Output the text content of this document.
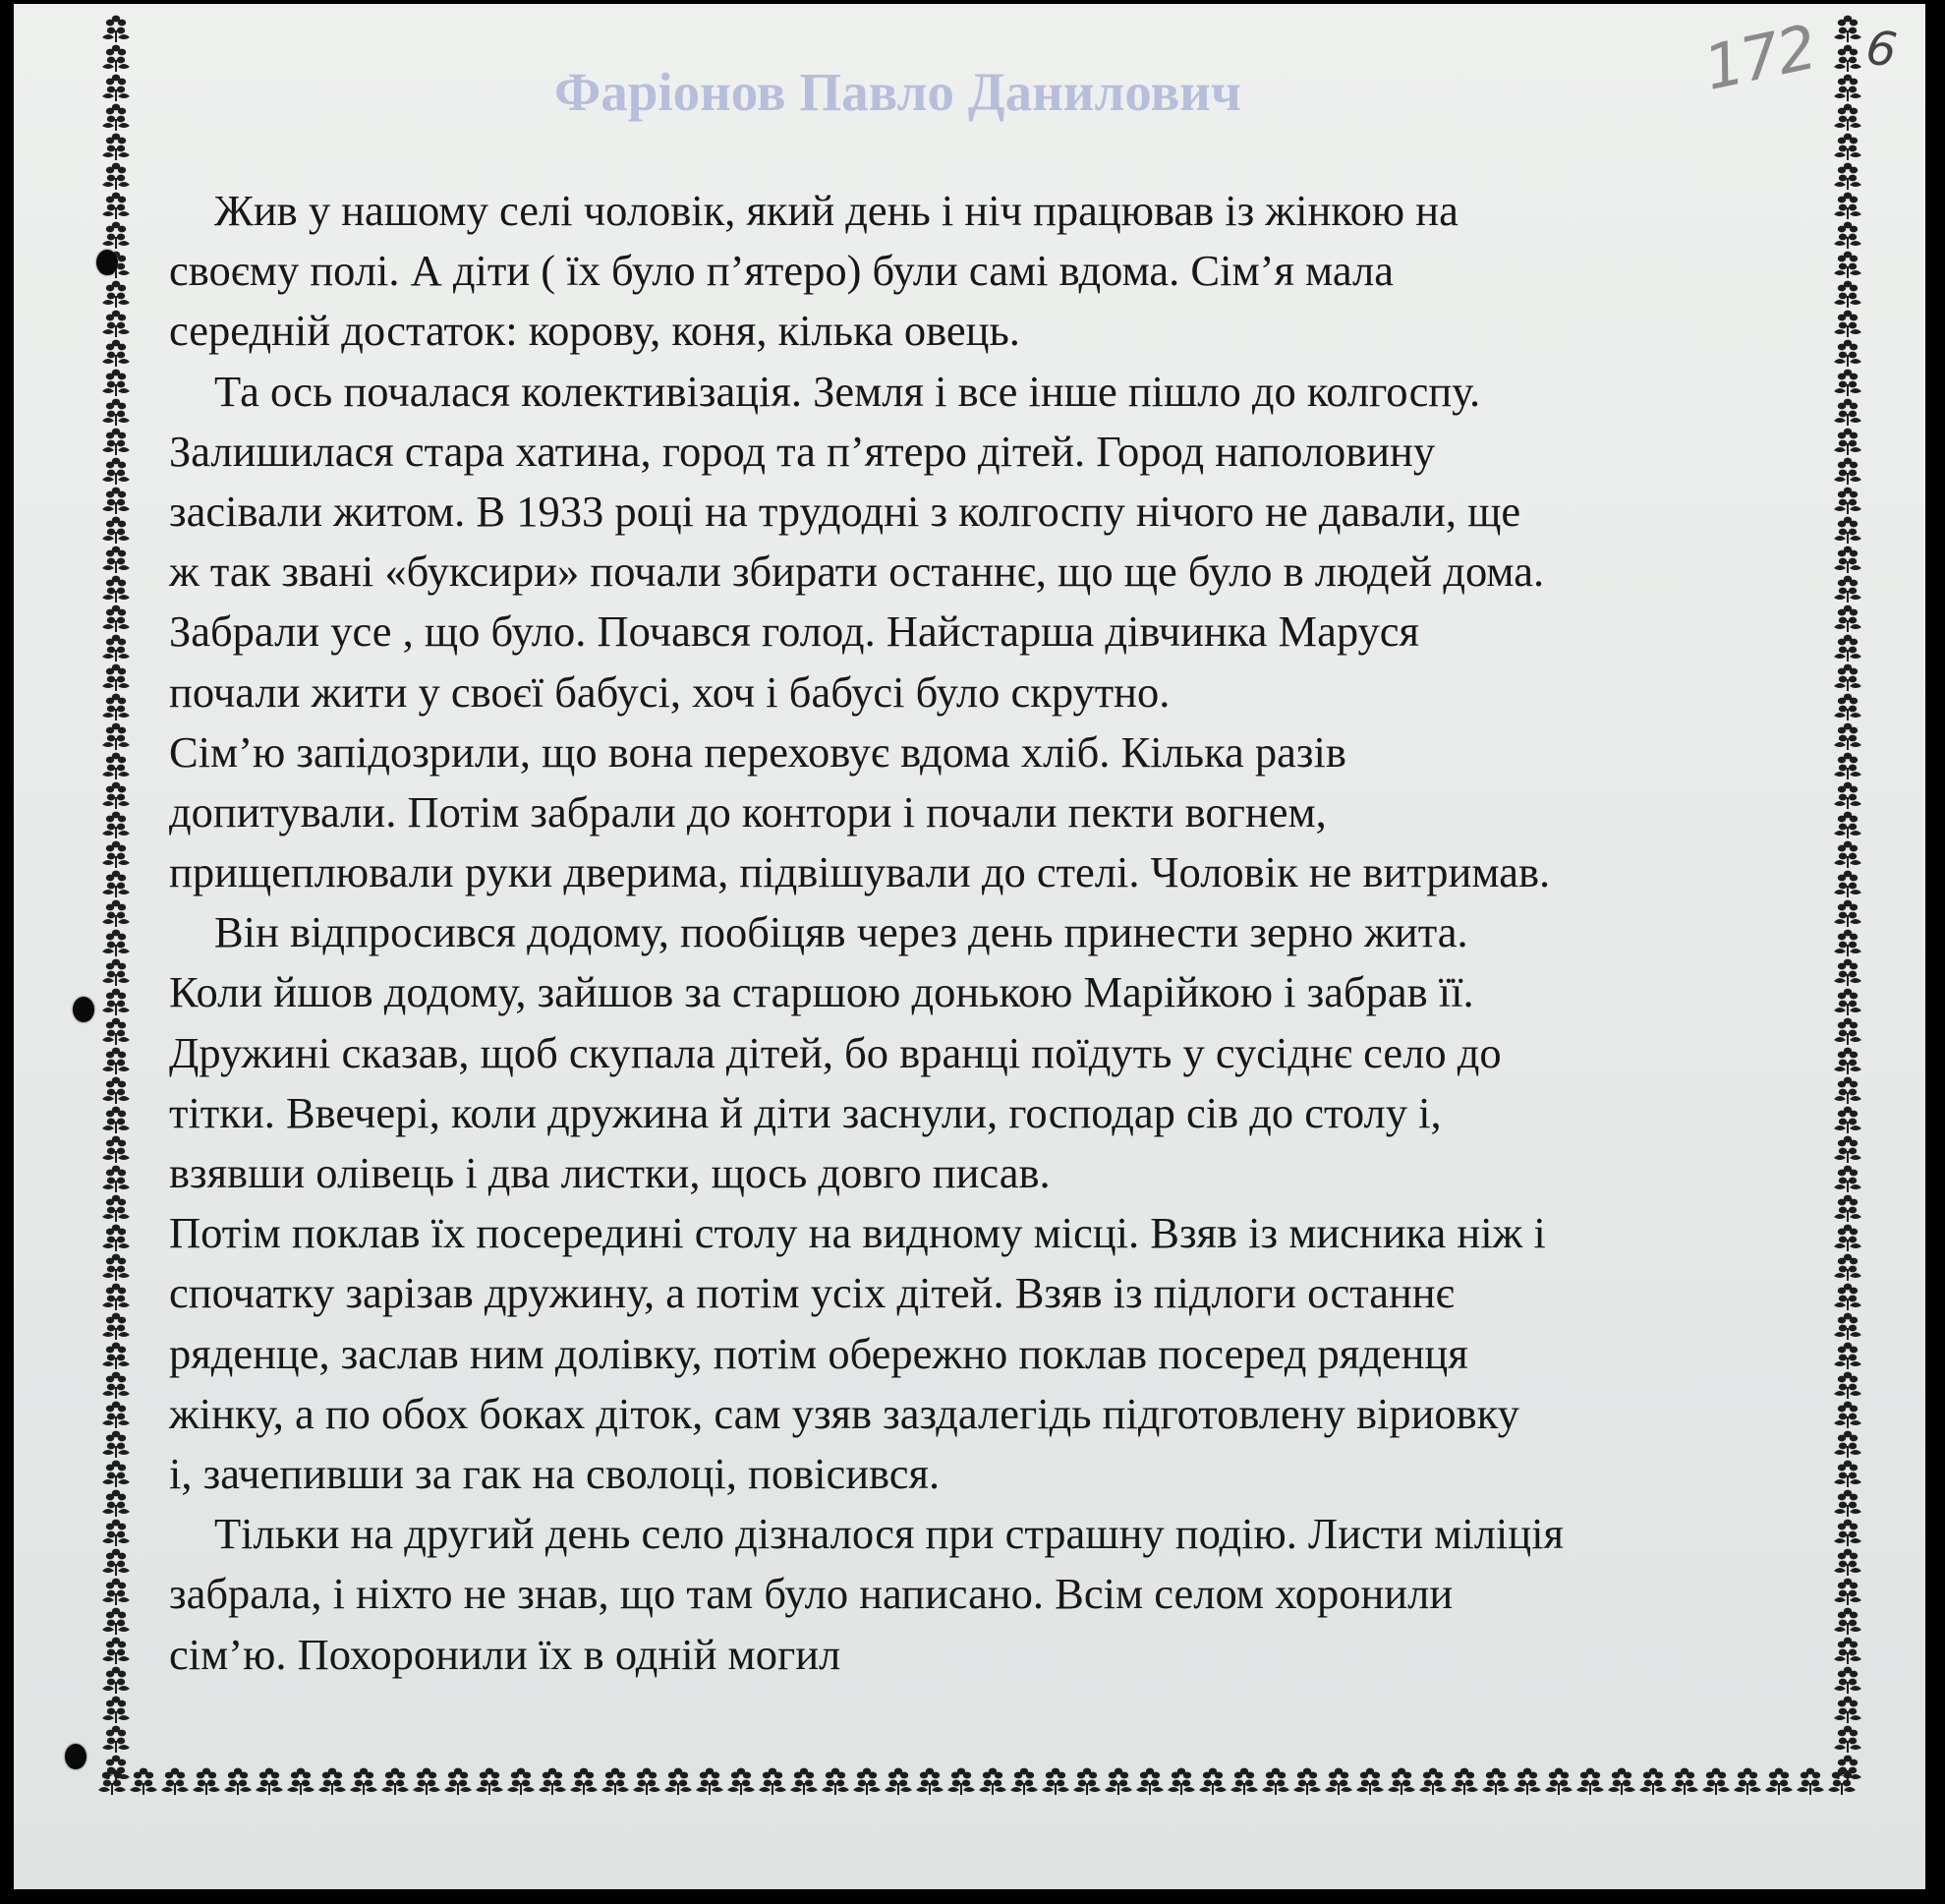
172 6
Фаріонов Павло Данилович
Жив у нашому селі чоловік, який день і ніч працював із жінкою на
своєму полі. А діти ( їх було п’ятеро) були самі вдома. Сім’я мала
середній достаток: корову, коня, кілька овець.
Та ось почалася колективізація. Земля і все інше пішло до колгоспу.
Залишилася стара хатина, город та п’ятеро дітей. Город наполовину
засівали житом. В 1933 році на трудодні з колгоспу нічого не давали, ще
ж так звані «буксири» почали збирати останнє, що ще було в людей дома.
Забрали усе , що було. Почався голод. Найстарша дівчинка Маруся
почали жити у своєї бабусі, хоч і бабусі було скрутно.
Сім’ю запідозрили, що вона переховує вдома хліб. Кілька разів
допитували. Потім забрали до контори і почали пекти вогнем,
прищеплювали руки дверима, підвішували до стелі. Чоловік не витримав.
Він відпросився додому, пообіцяв через день принести зерно жита.
Коли йшов додому, зайшов за старшою донькою Марійкою і забрав її.
Дружині сказав, щоб скупала дітей, бо вранці поїдуть у сусіднє село до
тітки. Ввечері, коли дружина й діти заснули, господар сів до столу і,
взявши олівець і два листки, щось довго писав.
Потім поклав їх посередині столу на видному місці. Взяв із мисника ніж і
спочатку зарізав дружину, а потім усіх дітей. Взяв із підлоги останнє
ряденце, заслав ним долівку, потім обережно поклав посеред ряденця
жінку, а по обох боках діток, сам узяв заздалегідь підготовлену віриовку
і, зачепивши за гак на сволоці, повісився.
Тільки на другий день село дізналося при страшну подію. Листи міліція
забрала, і ніхто не знав, що там було написано. Всім селом хоронили
сім’ю. Похоронили їх в одній могил
